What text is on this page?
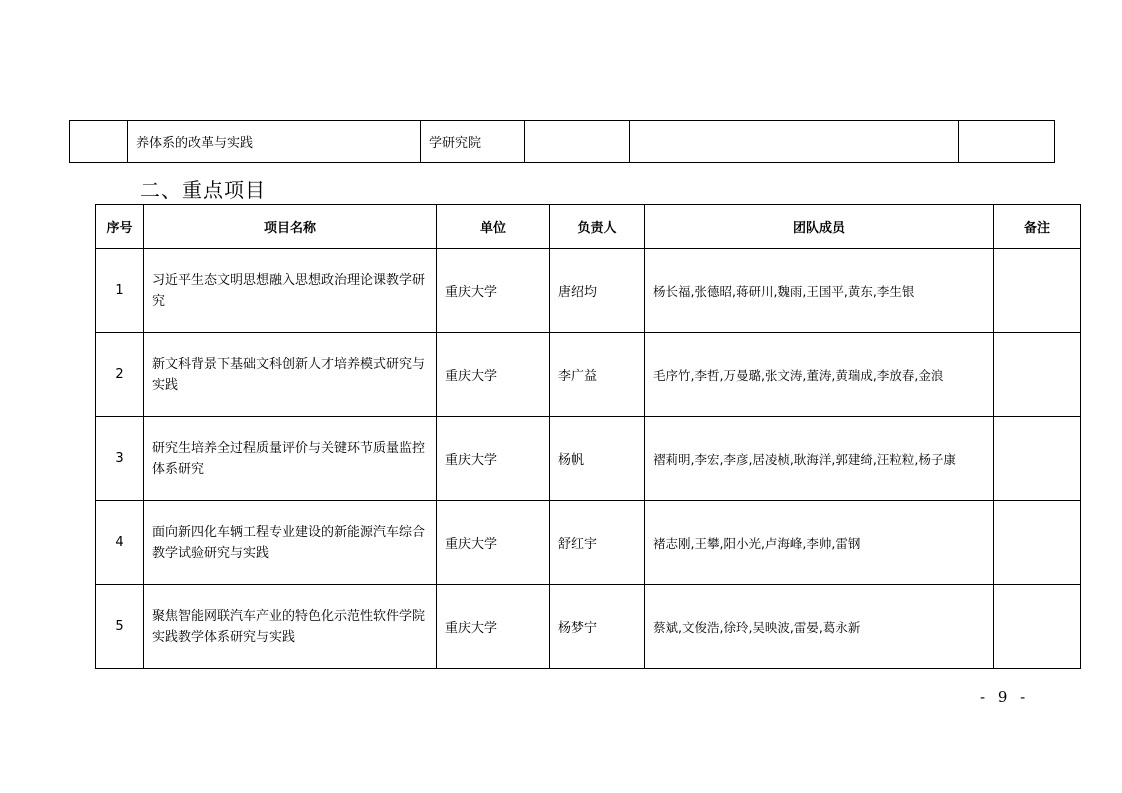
	养体系的改革与实践	学研究院			
二、重点项目
序号	项目名称	单位	负责人	团队成员	备注
1	习近平生态文明思想融入思想政治理论课教学研究	重庆大学	唐绍均	杨长福,张德昭,蒋研川,魏雨,王国平,黄东,李生银	
2	新文科背景下基础文科创新人才培养模式研究与实践	重庆大学	李广益	毛序竹,李哲,万曼璐,张文涛,董涛,黄瑞成,李放春,金浪	
3	研究生培养全过程质量评价与关键环节质量监控体系研究	重庆大学	杨帆	褶莉明,李宏,李彦,居凌桢,耿海洋,郭建绮,汪粒粒,杨子康	
4	面向新四化车辆工程专业建设的新能源汽车综合教学试验研究与实践	重庆大学	舒红宇	褚志刚,王攀,阳小光,卢海峰,李帅,雷钢	
5	聚焦智能网联汽车产业的特色化示范性软件学院实践教学体系研究与实践	重庆大学	杨梦宁	蔡斌,文俊浩,徐玲,吴映波,雷晏,葛永新	
- 9 -
